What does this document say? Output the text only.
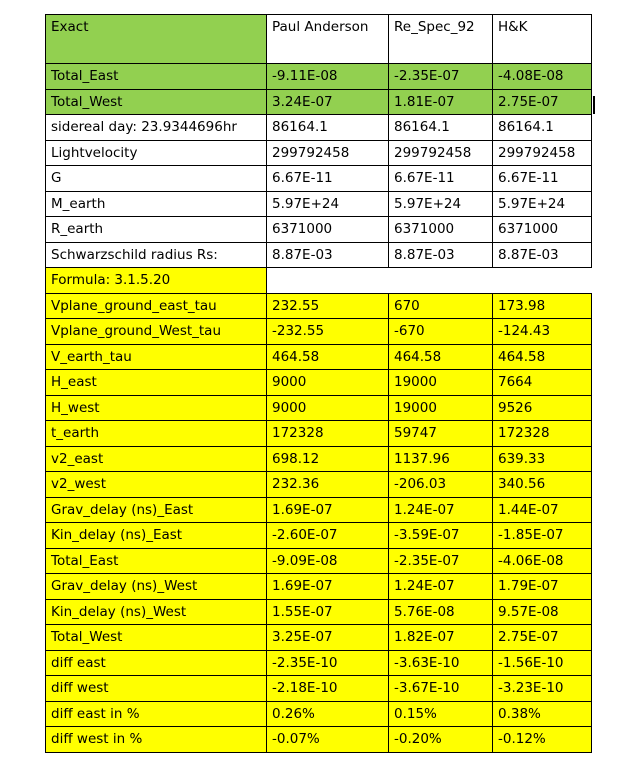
Exact	Paul Anderson	Re_Spec_92	H&K
Total_East	-9.11E-08	-2.35E-07	-4.08E-08
Total_West	3.24E-07	1.81E-07	2.75E-07
sidereal day: 23.9344696hr	86164.1	86164.1	86164.1
Lightvelocity	299792458	299792458	299792458
G	6.67E-11	6.67E-11	6.67E-11
M_earth	5.97E+24	5.97E+24	5.97E+24
R_earth	6371000	6371000	6371000
Schwarzschild radius Rs:	8.87E-03	8.87E-03	8.87E-03
Formula: 3.1.5.20			
Vplane_ground_east_tau	232.55	670	173.98
Vplane_ground_West_tau	-232.55	-670	-124.43
V_earth_tau	464.58	464.58	464.58
H_east	9000	19000	7664
H_west	9000	19000	9526
t_earth	172328	59747	172328
v2_east	698.12	1137.96	639.33
v2_west	232.36	-206.03	340.56
Grav_delay (ns)_East	1.69E-07	1.24E-07	1.44E-07
Kin_delay (ns)_East	-2.60E-07	-3.59E-07	-1.85E-07
Total_East	-9.09E-08	-2.35E-07	-4.06E-08
Grav_delay (ns)_West	1.69E-07	1.24E-07	1.79E-07
Kin_delay (ns)_West	1.55E-07	5.76E-08	9.57E-08
Total_West	3.25E-07	1.82E-07	2.75E-07
diff east	-2.35E-10	-3.63E-10	-1.56E-10
diff west	-2.18E-10	-3.67E-10	-3.23E-10
diff east in %	0.26%	0.15%	0.38%
diff west in %	-0.07%	-0.20%	-0.12%
